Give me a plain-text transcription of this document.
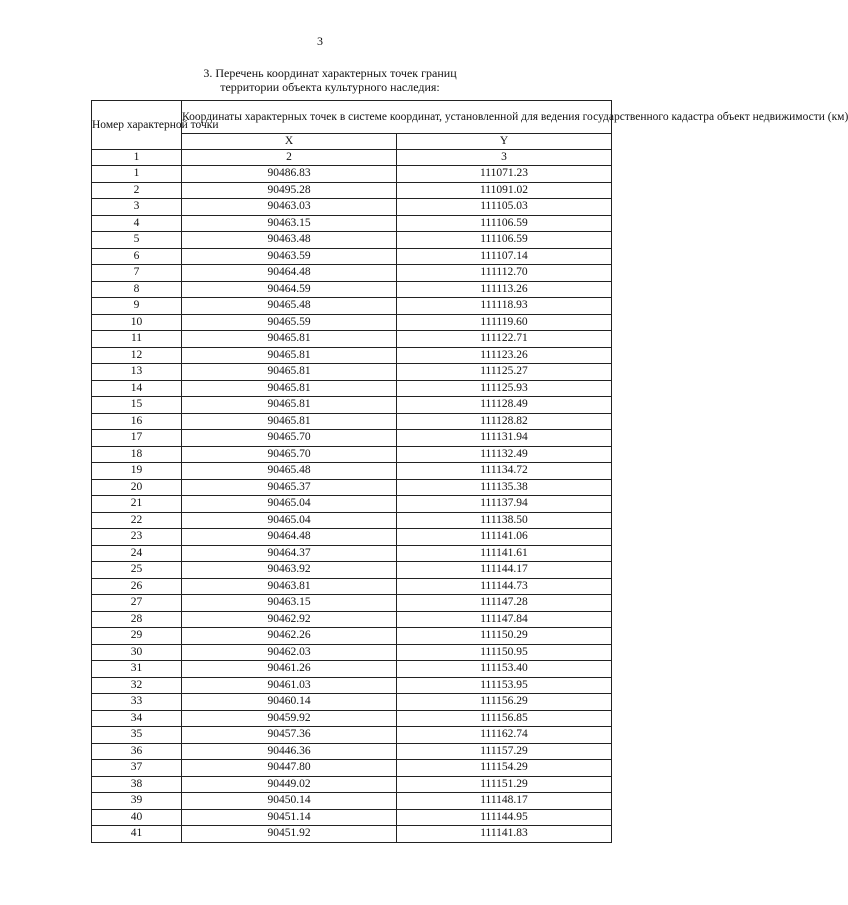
3
3. Перечень координат характерных точек границ
территории объекта культурного наследия:
Номер характерной точки	Координаты характерных точек в системе координат, установленной для ведения государственного кадастра объект недвижимости (км)	
	X	Y
1	2	3
1	90486.83	111071.23
2	90495.28	111091.02
3	90463.03	111105.03
4	90463.15	111106.59
5	90463.48	111106.59
6	90463.59	111107.14
7	90464.48	111112.70
8	90464.59	111113.26
9	90465.48	111118.93
10	90465.59	111119.60
11	90465.81	111122.71
12	90465.81	111123.26
13	90465.81	111125.27
14	90465.81	111125.93
15	90465.81	111128.49
16	90465.81	111128.82
17	90465.70	111131.94
18	90465.70	111132.49
19	90465.48	111134.72
20	90465.37	111135.38
21	90465.04	111137.94
22	90465.04	111138.50
23	90464.48	111141.06
24	90464.37	111141.61
25	90463.92	111144.17
26	90463.81	111144.73
27	90463.15	111147.28
28	90462.92	111147.84
29	90462.26	111150.29
30	90462.03	111150.95
31	90461.26	111153.40
32	90461.03	111153.95
33	90460.14	111156.29
34	90459.92	111156.85
35	90457.36	111162.74
36	90446.36	111157.29
37	90447.80	111154.29
38	90449.02	111151.29
39	90450.14	111148.17
40	90451.14	111144.95
41	90451.92	111141.83
